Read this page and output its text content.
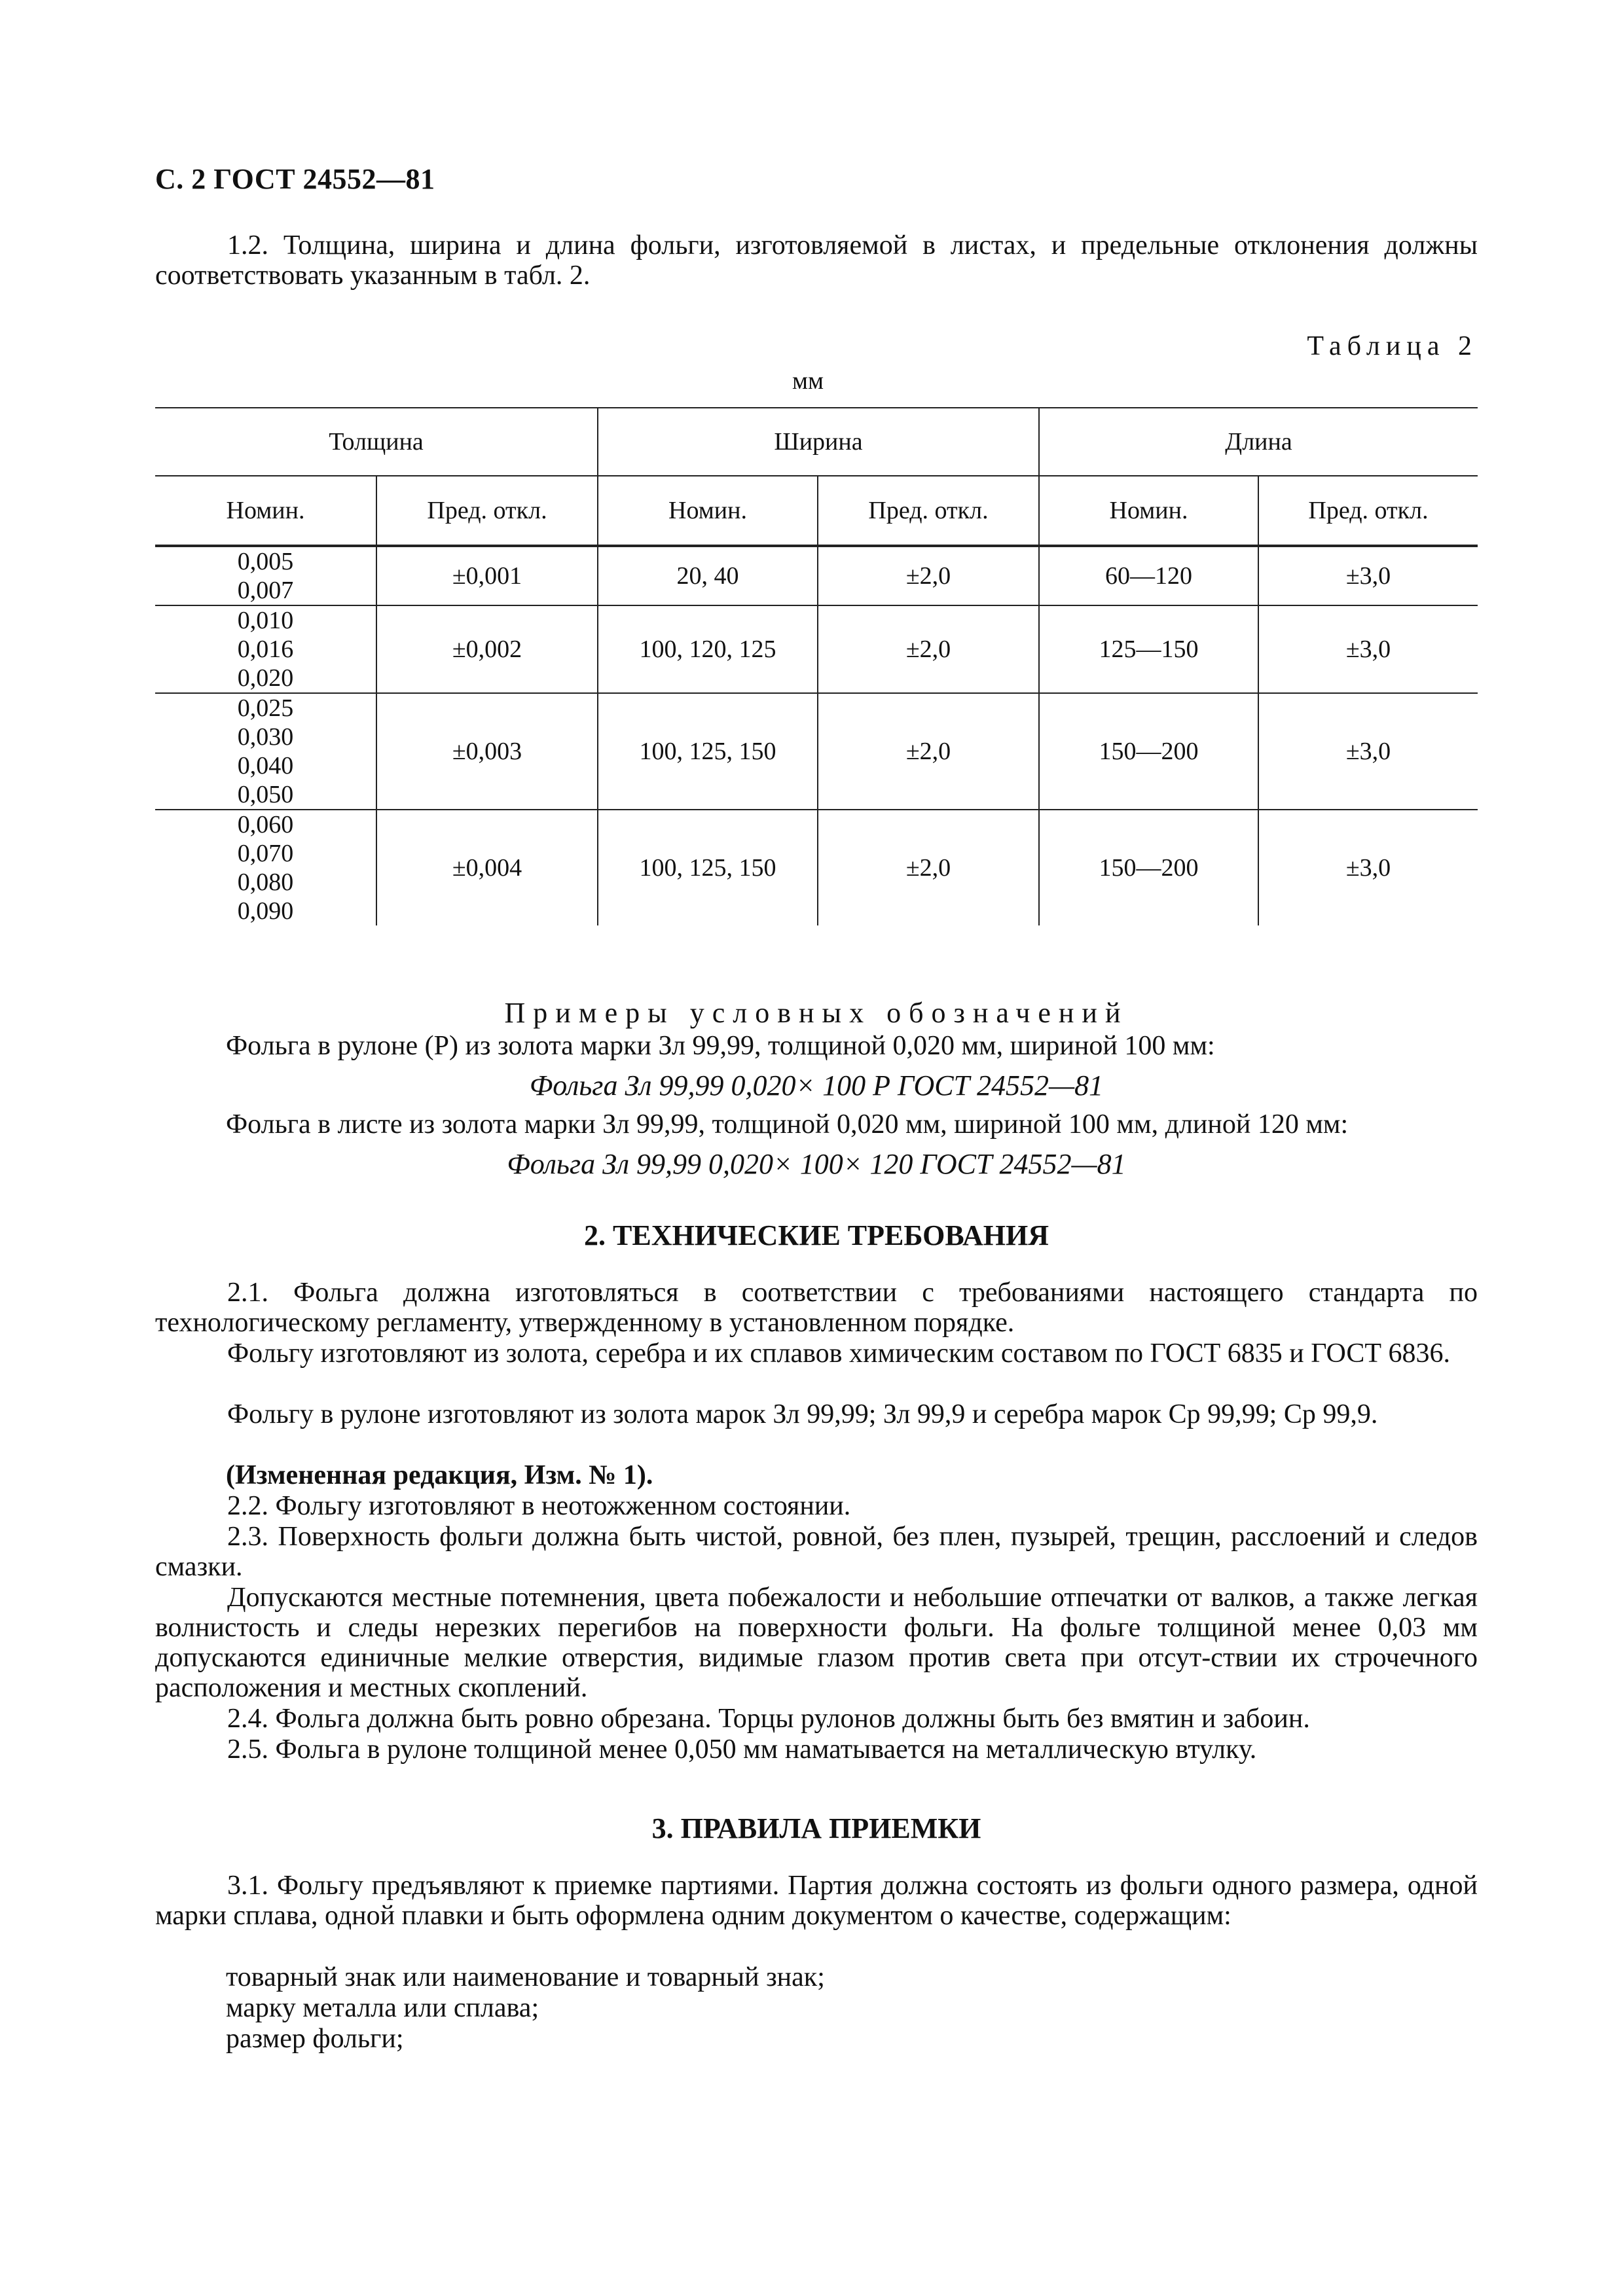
С. 2 ГОСТ 24552—81
1.2. Толщина, ширина и длина фольги, изготовляемой в листах, и предельные отклонения должны соответствовать указанным в табл. 2.
Таблица 2
мм
Толщина		Ширина		Длина	
Номин.	Пред. откл.	Номин.	Пред. откл.	Номин.	Пред. откл.
0,005
0,007	±0,001	20, 40	±2,0	60—120	±3,0
0,010
0,016
0,020	±0,002	100, 120, 125	±2,0	125—150	±3,0
0,025
0,030
0,040
0,050	±0,003	100, 125, 150	±2,0	150—200	±3,0
0,060
0,070
0,080
0,090	±0,004	100, 125, 150	±2,0	150—200	±3,0
Примеры условных обозначений
Фольга в рулоне (Р) из золота марки Зл 99,99, толщиной 0,020 мм, шириной 100 мм:
Фольга Зл 99,99 0,020× 100 Р ГОСТ 24552—81
Фольга в листе из золота марки Зл 99,99, толщиной 0,020 мм, шириной 100 мм, длиной 120 мм:
Фольга Зл 99,99 0,020× 100× 120 ГОСТ 24552—81
2. ТЕХНИЧЕСКИЕ ТРЕБОВАНИЯ
2.1. Фольга должна изготовляться в соответствии с требованиями настоящего стандарта по технологическому регламенту, утвержденному в установленном порядке.
Фольгу изготовляют из золота, серебра и их сплавов химическим составом по ГОСТ 6835 и ГОСТ 6836.
Фольгу в рулоне изготовляют из золота марок Зл 99,99; Зл 99,9 и серебра марок Ср 99,99; Ср 99,9.
(Измененная редакция, Изм. № 1).
2.2. Фольгу изготовляют в неотожженном состоянии.
2.3. Поверхность фольги должна быть чистой, ровной, без плен, пузырей, трещин, расслоений и следов смазки.
Допускаются местные потемнения, цвета побежалости и небольшие отпечатки от валков, а также легкая волнистость и следы нерезких перегибов на поверхности фольги. На фольге толщиной менее 0,03 мм допускаются единичные мелкие отверстия, видимые глазом против света при отсут-ствии их строчечного расположения и местных скоплений.
2.4. Фольга должна быть ровно обрезана. Торцы рулонов должны быть без вмятин и забоин.
2.5. Фольга в рулоне толщиной менее 0,050 мм наматывается на металлическую втулку.
3. ПРАВИЛА ПРИЕМКИ
3.1. Фольгу предъявляют к приемке партиями. Партия должна состоять из фольги одного размера, одной марки сплава, одной плавки и быть оформлена одним документом о качестве, содержащим:
товарный знак или наименование и товарный знак;
марку металла или сплава;
размер фольги;
